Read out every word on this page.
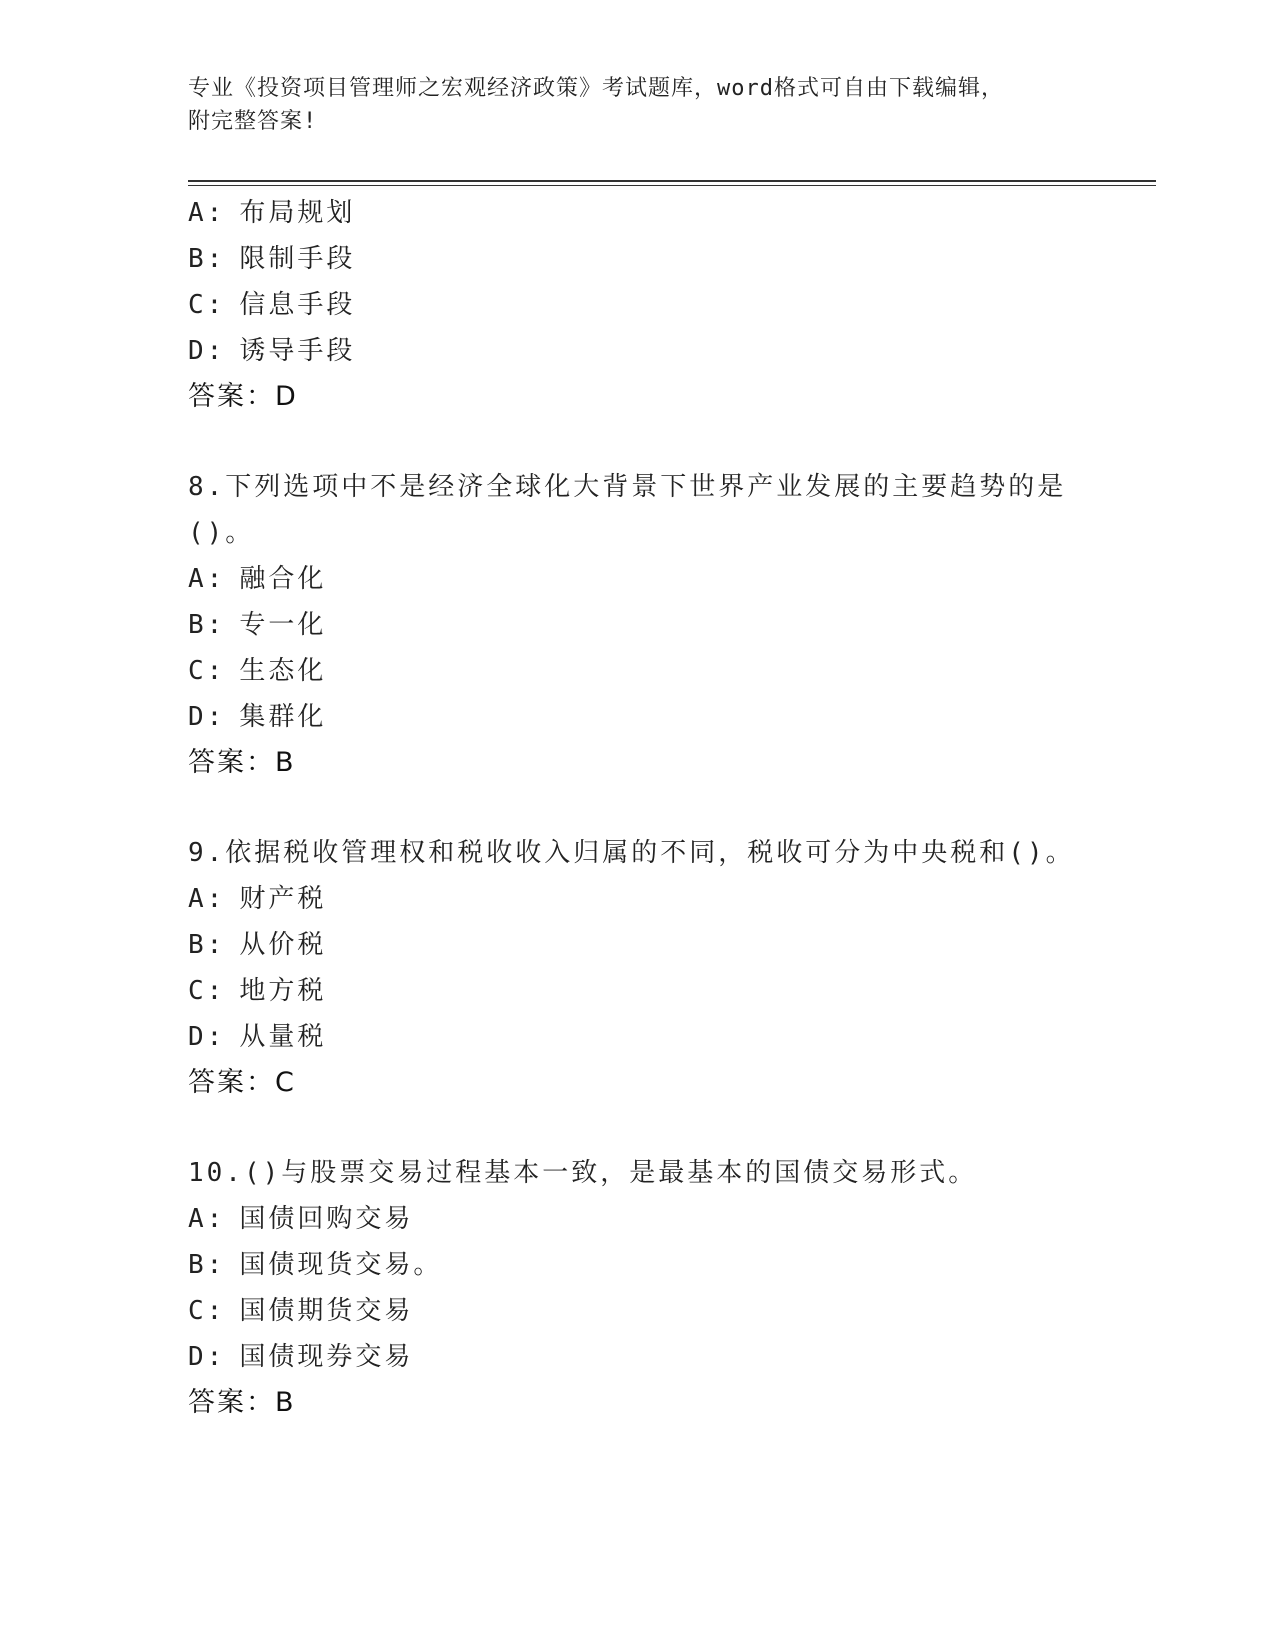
专业《投资项目管理师之宏观经济政策》考试题库，word格式可自由下载编辑，
附完整答案!
A: 布局规划
B: 限制手段
C: 信息手段
D: 诱导手段
答案：D
8.下列选项中不是经济全球化大背景下世界产业发展的主要趋势的是
()。
A: 融合化
B: 专一化
C: 生态化
D: 集群化
答案：B
9.依据税收管理权和税收收入归属的不同，税收可分为中央税和()。
A: 财产税
B: 从价税
C: 地方税
D: 从量税
答案：C
10.()与股票交易过程基本一致，是最基本的国债交易形式。
A: 国债回购交易
B: 国债现货交易。
C: 国债期货交易
D: 国债现券交易
答案：B
